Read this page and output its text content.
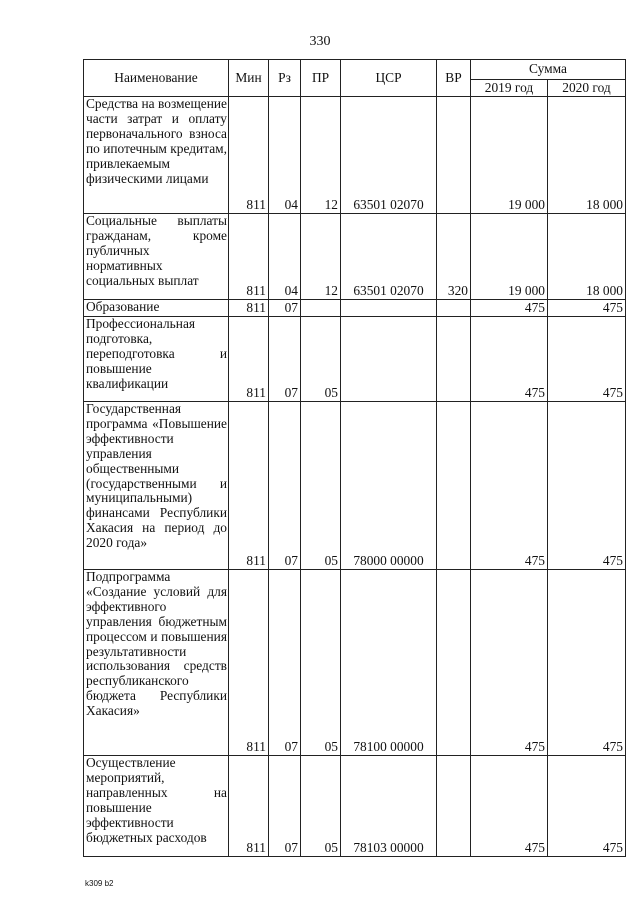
330
Наименование	Мин	Рз	ПР	ЦСР	ВР	Сумма	
						2019 год	2020 год
Средства на возмещение части затрат и оплату первоначального взноса по ипотечным кредитам, привлекаемым физическими лицами	811	04	12	63501 02070		19 000	18 000
Социальные выплаты гражданам, кроме публичных нормативных социальных выплат	811	04	12	63501 02070	320	19 000	18 000
Образование	811	07				475	475
Профессиональная подготовка, переподготовка и повышение квалификации	811	07	05			475	475
Государственная программа «Повышение эффективности управления общественными (государственными и муниципальными) финансами Республики Хакасия на период до 2020 года»	811	07	05	78000 00000		475	475
Подпрограмма «Создание условий для эффективного управления бюджетным процессом и повышения результативности использования средств республиканского бюджета Республики Хакасия»	811	07	05	78100 00000		475	475
Осуществление мероприятий, направленных на повышение эффективности бюджетных расходов	811	07	05	78103 00000		475	475
k309 b2
